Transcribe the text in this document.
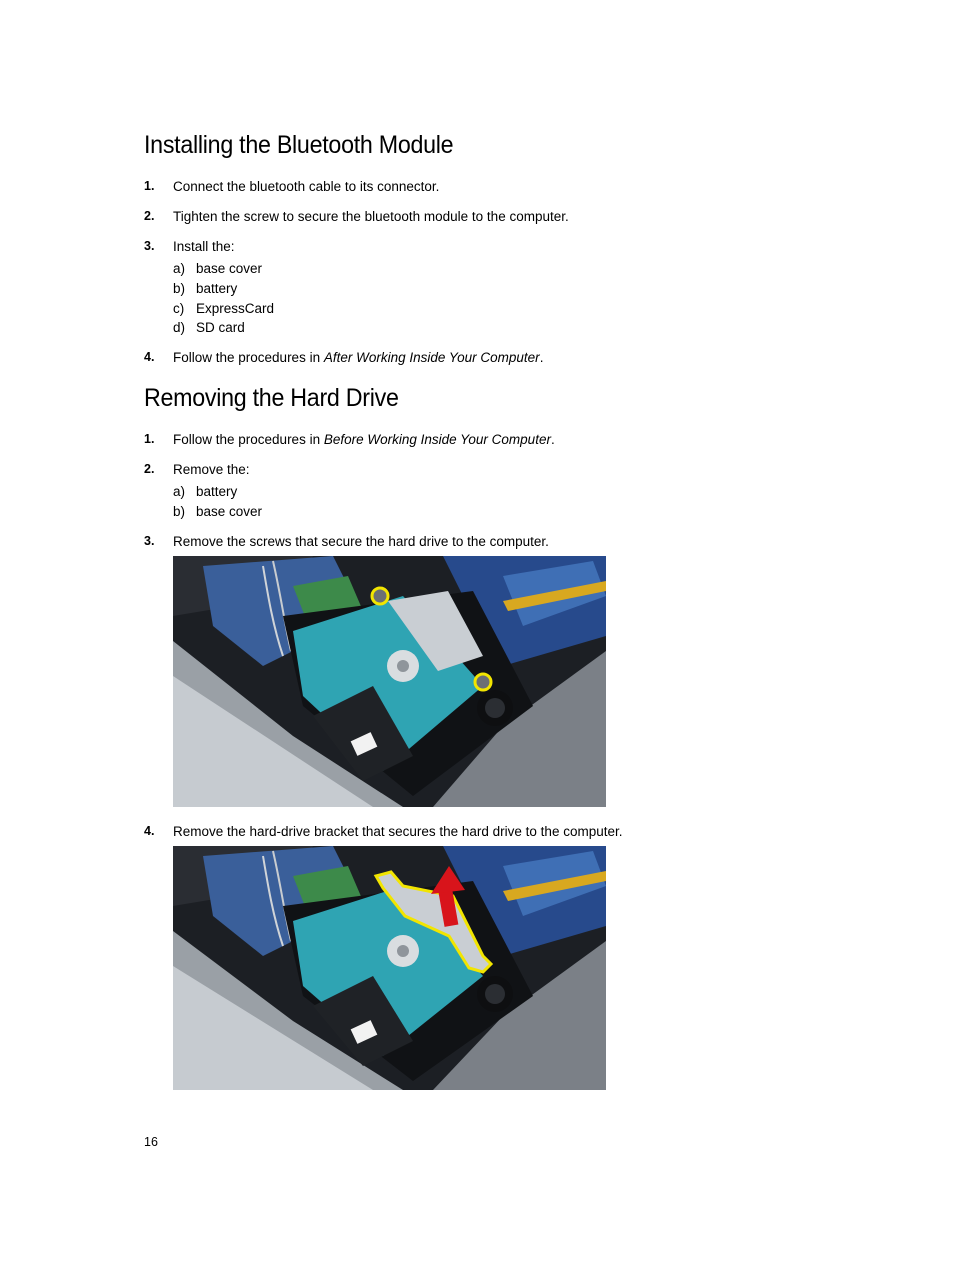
Installing the Bluetooth Module
1. Connect the bluetooth cable to its connector.
2. Tighten the screw to secure the bluetooth module to the computer.
3. Install the:
a) base cover
b) battery
c) ExpressCard
d) SD card
4. Follow the procedures in After Working Inside Your Computer.
Removing the Hard Drive
1. Follow the procedures in Before Working Inside Your Computer.
2. Remove the:
a) battery
b) base cover
3. Remove the screws that secure the hard drive to the computer.
4. Remove the hard-drive bracket that secures the hard drive to the computer.
16
